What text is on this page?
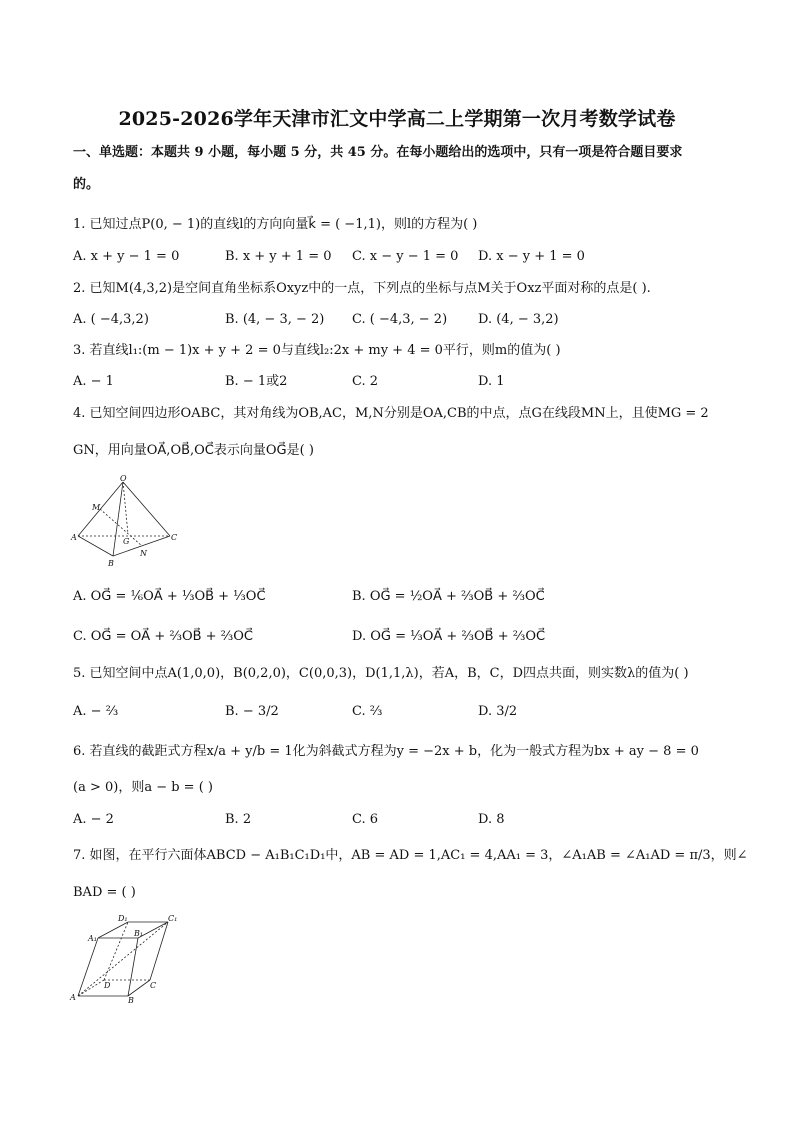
2025-2026学年天津市汇文中学高二上学期第一次月考数学试卷
一、单选题：本题共 9 小题，每小题 5 分，共 45 分。在每小题给出的选项中，只有一项是符合题目要求
的。
1. 已知过点P(0, − 1)的直线l的方向向量k⃗ = ( −1,1)，则l的方程为( )
A. x + y − 1 = 0	B. x + y + 1 = 0 C. x − y − 1 = 0 D. x − y + 1 = 0
2. 已知M(4,3,2)是空间直角坐标系Oxyz中的一点，下列点的坐标与点M关于Oxz平面对称的点是( ).
A. ( −4,3,2)	B. (4, − 3, − 2) C. ( −4,3, − 2) D. (4, − 3,2)
3. 若直线l₁:(m − 1)x + y + 2 = 0与直线l₂:2x + my + 4 = 0平行，则m的值为( )
A. − 1	B. − 1或2	C. 2	D. 1
4. 已知空间四边形OABC，其对角线为OB,AC，M,N分别是OA,CB的中点，点G在线段MN上，且使MG = 2
GN，用向量OA⃗,OB⃗,OC⃗表示向量OG⃗是( )
O
M
A	G	C
B
N
A. OG⃗ = ⅙OA⃗ + ⅓OB⃗ + ⅓OC⃗	B. OG⃗ = ½OA⃗ + ⅔OB⃗ + ⅔OC⃗
C. OG⃗ = OA⃗ + ⅔OB⃗ + ⅔OC⃗	D. OG⃗ = ⅓OA⃗ + ⅔OB⃗ + ⅔OC⃗
5. 已知空间中点A(1,0,0)，B(0,2,0)，C(0,0,3)，D(1,1,λ)，若A，B，C，D四点共面，则实数λ的值为( )
A. − ⅔	B. − 3/2	C. ⅔	D. 3/2
6. 若直线的截距式方程x/a + y/b = 1化为斜截式方程为y = −2x + b，化为一般式方程为bx + ay − 8 = 0
(a > 0)，则a − b = ( )
A. − 2	B. 2	C. 6	D. 8
7. 如图，在平行六面体ABCD − A₁B₁C₁D₁中，AB = AD = 1,AC₁ = 4,AA₁ = 3，∠A₁AB = ∠A₁AD = π/3，则∠
BAD = ( )
D₁	C₁
A₁
B₁
D	C
A	B
